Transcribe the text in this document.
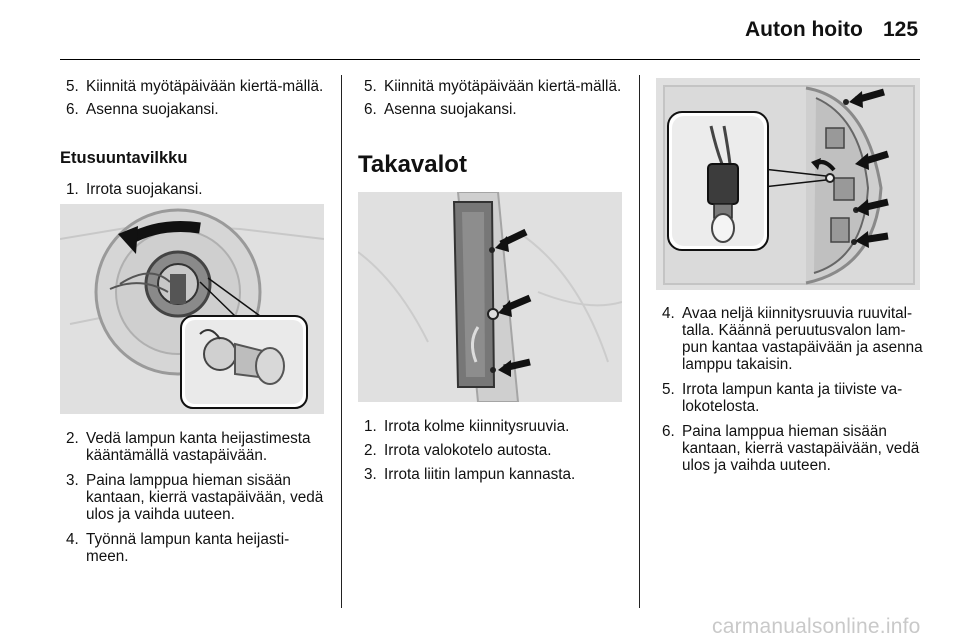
Auton hoito 125
5. Kiinnitä myötäpäivään kiertä-mällä.
6. Asenna suojakansi.
Etusuuntavilkku
1. Irrota suojakansi.
2. Vedä lampun kanta heijastimesta kääntämällä vastapäivään.
3. Paina lamppua hieman sisään kantaan, kierrä vastapäivään, vedä ulos ja vaihda uuteen.
4. Työnnä lampun kanta heijasti-meen.
5. Kiinnitä myötäpäivään kiertä-mällä.
6. Asenna suojakansi.
Takavalot
1. Irrota kolme kiinnitysruuvia.
2. Irrota valokotelo autosta.
3. Irrota liitin lampun kannasta.
4. Avaa neljä kiinnitysruuvia ruuvital-talla. Käännä peruutusvalon lam-pun kantaa vastapäivään ja asenna lamppu takaisin.
5. Irrota lampun kanta ja tiiviste va-lokotelosta.
6. Paina lamppua hieman sisään kantaan, kierrä vastapäivään, vedä ulos ja vaihda uuteen.
carmanualsonline.info
